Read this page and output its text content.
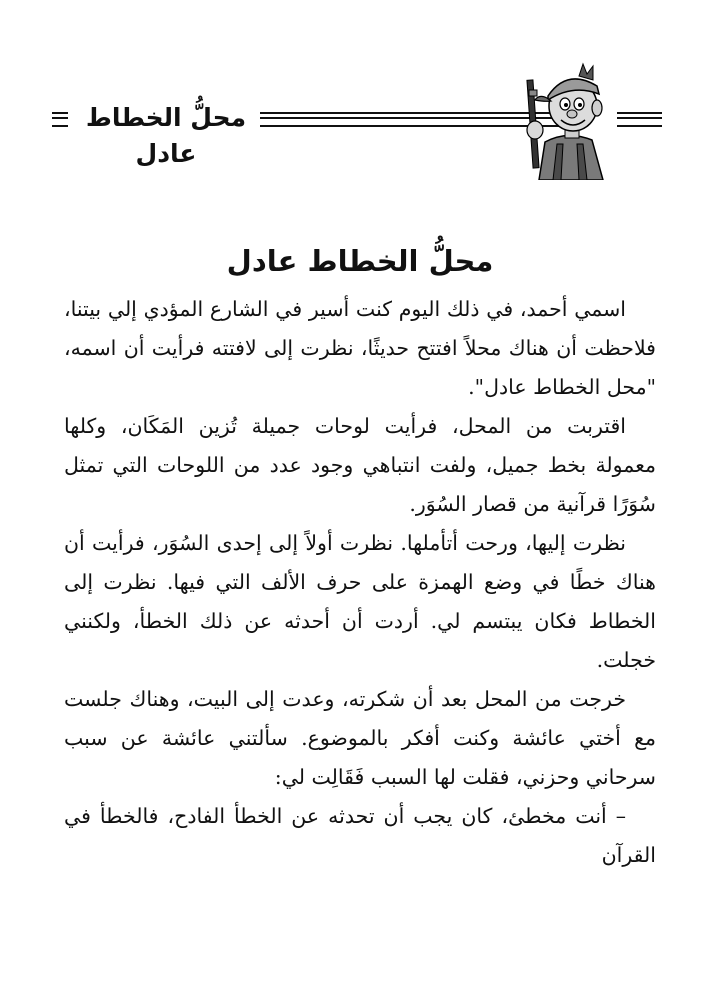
محلُّ الخطاط عادل
محلُّ الخطاط عادل

اسمي أحمد، في ذلك اليوم كنت أسير في الشارع المؤدي إلي بيتنا، فلاحظت أن هناك محلاً افتتح حديثًا، نظرت إلى لافتته فرأيت أن اسمه، "محل الخطاط عادل".

اقتربت من المحل، فرأيت لوحات جميلة تُزين المَكَان، وكلها معمولة بخط جميل، ولفت انتباهي وجود عدد من اللوحات التي تمثل سُوَرًا قرآنية من قصار السُوَر.

نظرت إليها، ورحت أتأملها. نظرت أولاً إلى إحدى السُوَر، فرأيت أن هناك خطًا في وضع الهمزة على حرف الألف التي فيها. نظرت إلى الخطاط فكان يبتسم لي. أردت أن أحدثه عن ذلك الخطأ، ولكنني خجلت.

خرجت من المحل بعد أن شكرته، وعدت إلى البيت، وهناك جلست مع أختي عائشة وكنت أفكر بالموضوع. سألتني عائشة عن سبب سرحاني وحزني، فقلت لها السبب فَقَالِت لي:

– أنت مخطئ، كان يجب أن تحدثه عن الخطأ الفادح، فالخطأ في القرآن
